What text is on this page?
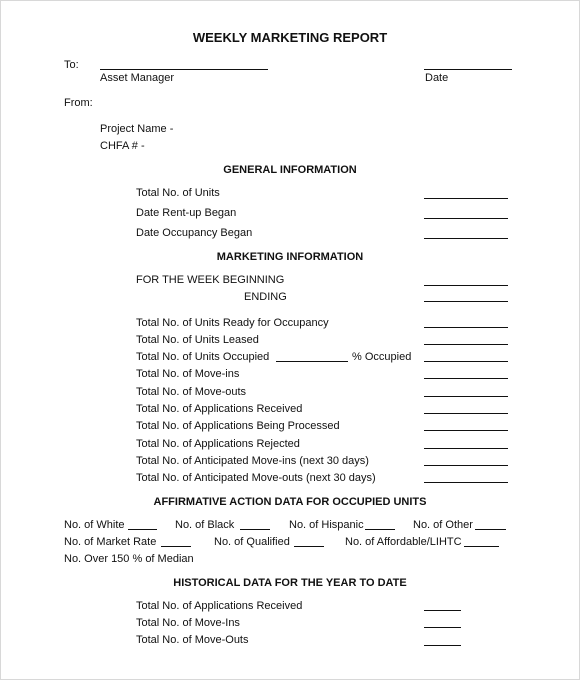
WEEKLY MARKETING REPORT
To:
Asset Manager	Date
From:
Project Name -
CHFA # -
GENERAL INFORMATION
Total No. of Units
Date Rent-up Began
Date Occupancy Began
MARKETING INFORMATION
FOR THE WEEK BEGINNING
ENDING
Total No. of Units Ready for Occupancy
Total No. of Units Leased
Total No. of Units Occupied	% Occupied
Total No. of Move-ins
Total No. of Move-outs
Total No. of Applications Received
Total No. of Applications Being Processed
Total No. of Applications Rejected
Total No. of Anticipated Move-ins (next 30 days)
Total No. of Anticipated Move-outs (next 30 days)
AFFIRMATIVE ACTION DATA FOR OCCUPIED UNITS
No. of White	No. of Black	No. of Hispanic	No. of Other
No. of Market Rate	No. of Qualified	No. of Affordable/LIHTC
No. Over 150 % of Median
HISTORICAL DATA FOR THE YEAR TO DATE
Total No. of Applications Received
Total No. of Move-Ins
Total No. of Move-Outs
